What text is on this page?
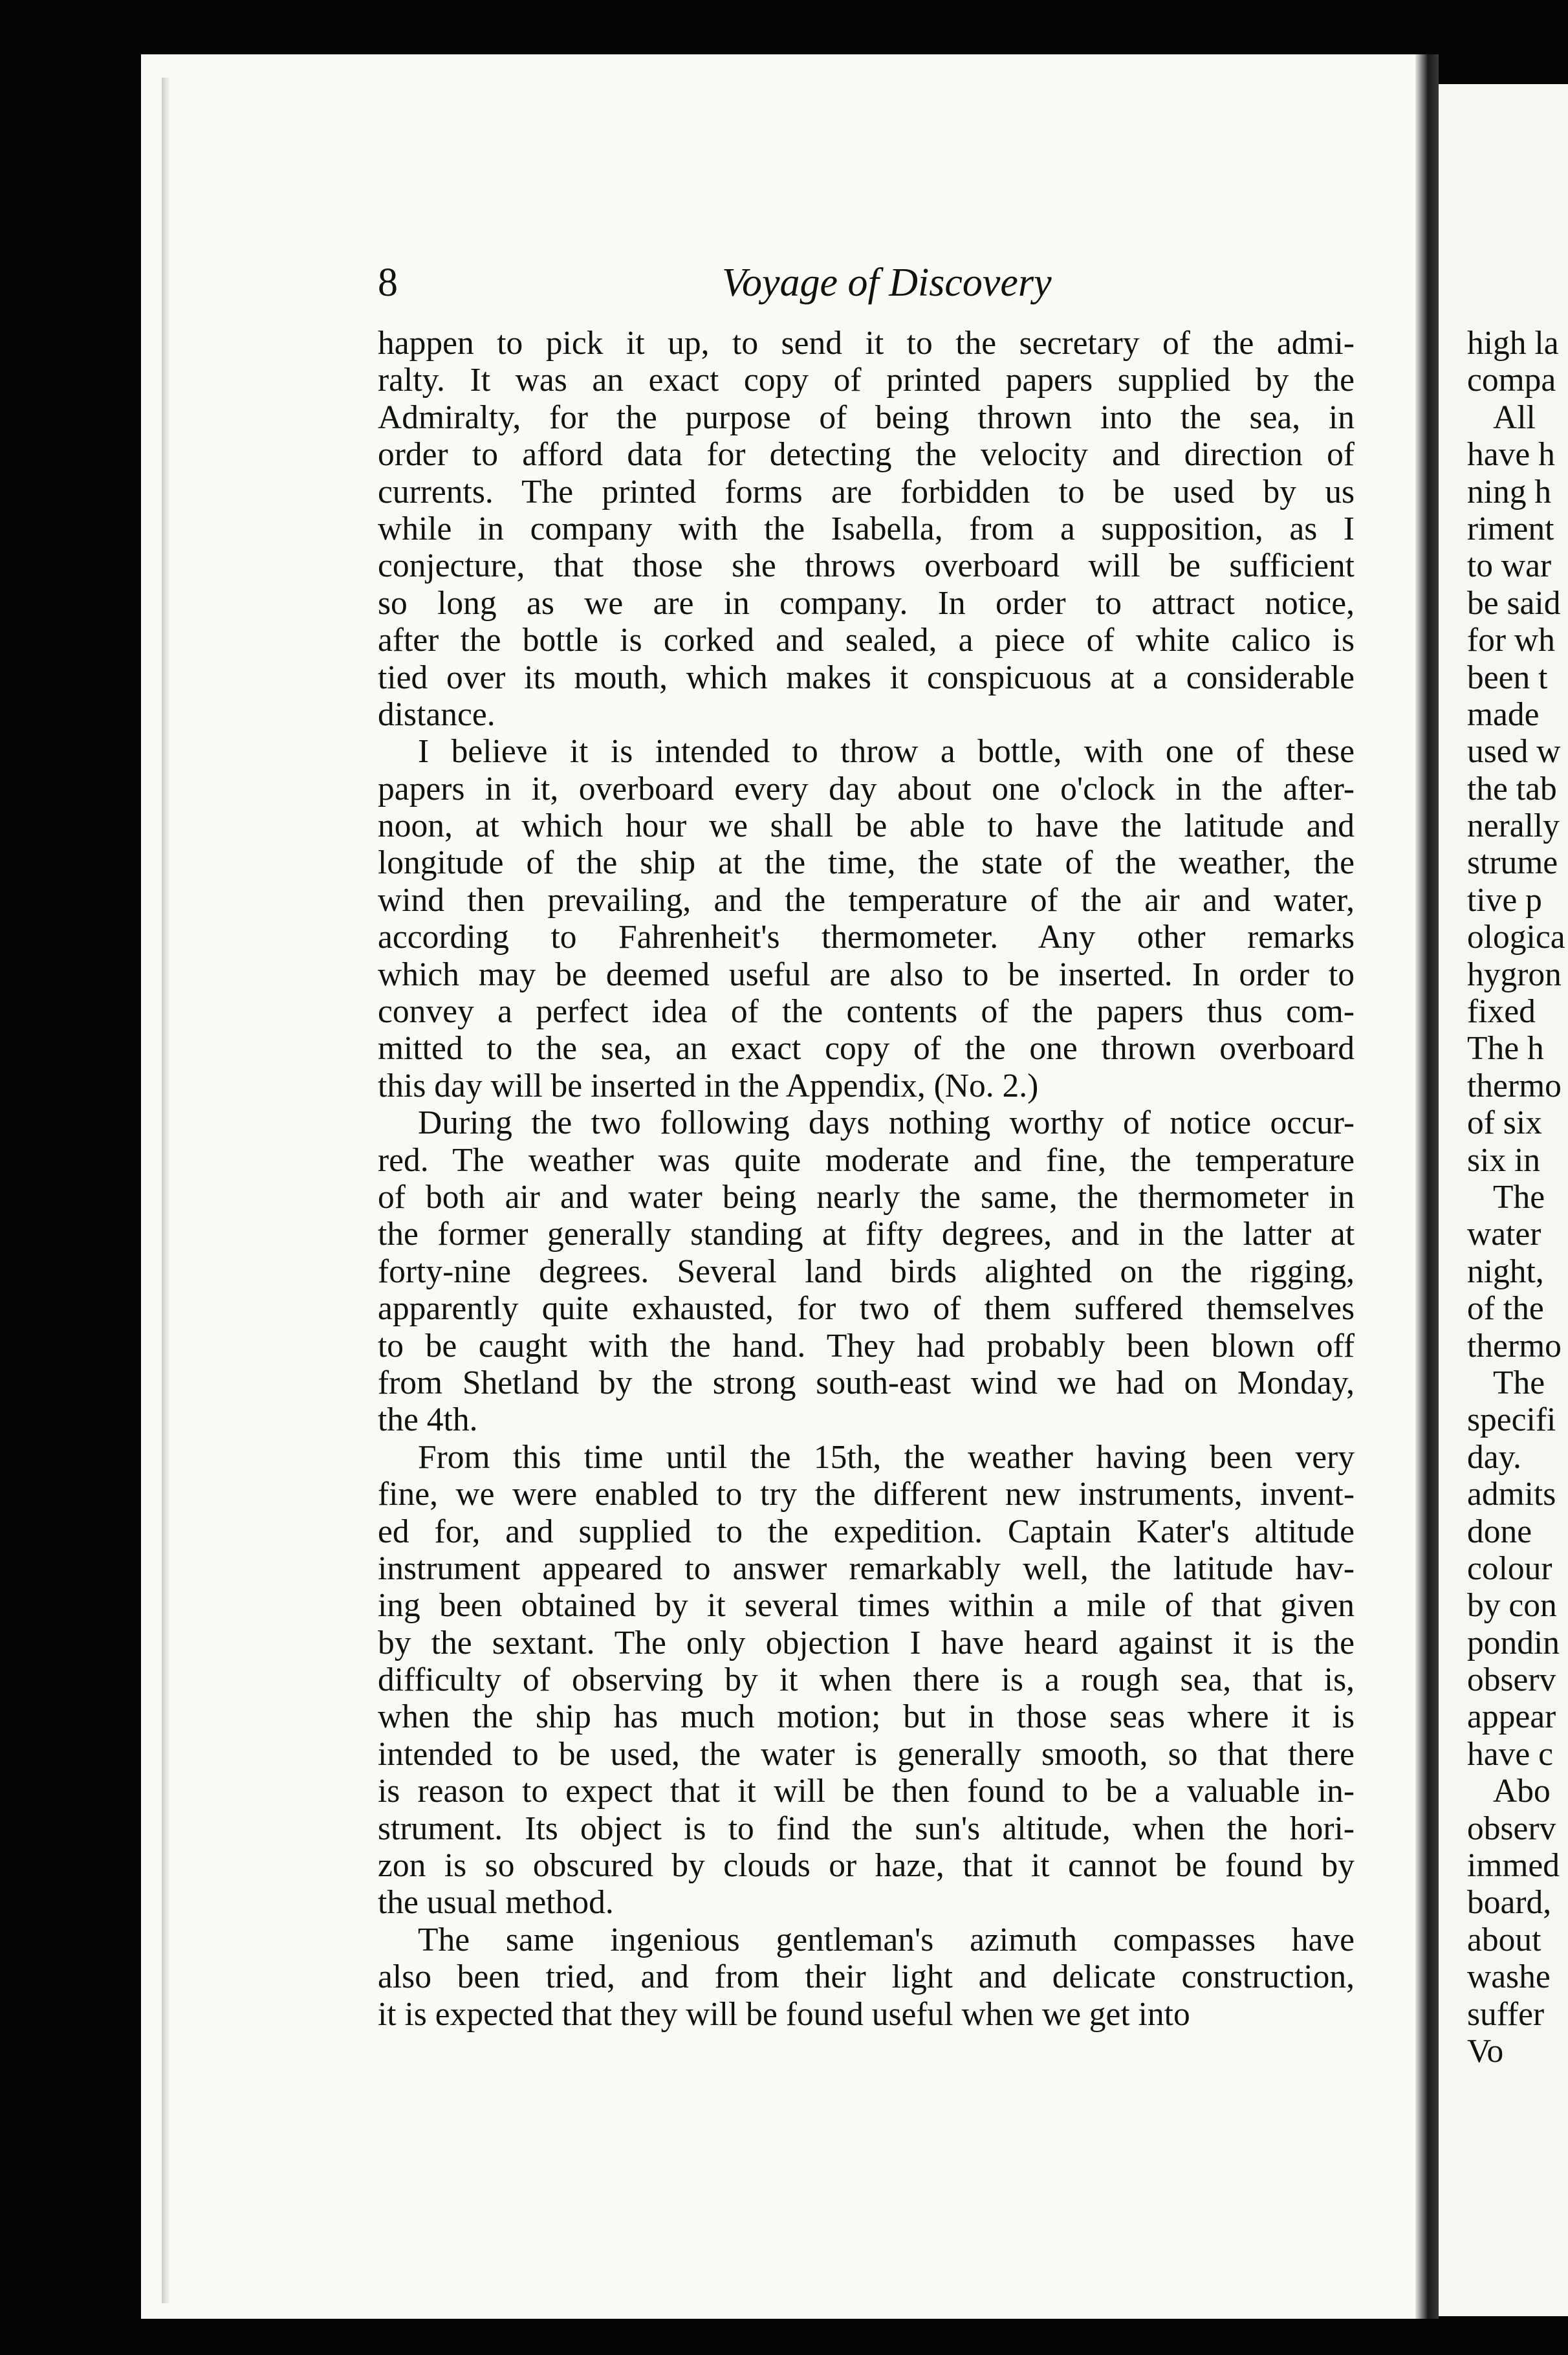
8	Voyage of Discovery
happen to pick it up, to send it to the secretary of the admi-
ralty. It was an exact copy of printed papers supplied by the
Admiralty, for the purpose of being thrown into the sea, in
order to afford data for detecting the velocity and direction of
currents. The printed forms are forbidden to be used by us
while in company with the Isabella, from a supposition, as I
conjecture, that those she throws overboard will be sufficient
so long as we are in company. In order to attract notice,
after the bottle is corked and sealed, a piece of white calico is
tied over its mouth, which makes it conspicuous at a considerable
distance.
I believe it is intended to throw a bottle, with one of these
papers in it, overboard every day about one o'clock in the after-
noon, at which hour we shall be able to have the latitude and
longitude of the ship at the time, the state of the weather, the
wind then prevailing, and the temperature of the air and water,
according to Fahrenheit's thermometer. Any other remarks
which may be deemed useful are also to be inserted. In order to
convey a perfect idea of the contents of the papers thus com-
mitted to the sea, an exact copy of the one thrown overboard
this day will be inserted in the Appendix, (No. 2.)
During the two following days nothing worthy of notice occur-
red. The weather was quite moderate and fine, the temperature
of both air and water being nearly the same, the thermometer in
the former generally standing at fifty degrees, and in the latter at
forty-nine degrees. Several land birds alighted on the rigging,
apparently quite exhausted, for two of them suffered themselves
to be caught with the hand. They had probably been blown off
from Shetland by the strong south-east wind we had on Monday,
the 4th.
From this time until the 15th, the weather having been very
fine, we were enabled to try the different new instruments, invent-
ed for, and supplied to the expedition. Captain Kater's altitude
instrument appeared to answer remarkably well, the latitude hav-
ing been obtained by it several times within a mile of that given
by the sextant. The only objection I have heard against it is the
difficulty of observing by it when there is a rough sea, that is,
when the ship has much motion; but in those seas where it is
intended to be used, the water is generally smooth, so that there
is reason to expect that it will be then found to be a valuable in-
strument. Its object is to find the sun's altitude, when the hori-
zon is so obscured by clouds or haze, that it cannot be found by
the usual method.
The same ingenious gentleman's azimuth compasses have
also been tried, and from their light and delicate construction,
it is expected that they will be found useful when we get into
high la
compa
All
have h
ning h
riment
to war
be said
for wh
been t
made
used w
the tab
nerally
strume
tive p
ologica
hygron
fixed
The h
thermo
of six
six in
The
water
night,
of the
thermo
The
specifi
day.
admits
done
colour
by con
pondin
observ
appear
have c
Abo
observ
immed
board,
about
washe
suffer
Vo
